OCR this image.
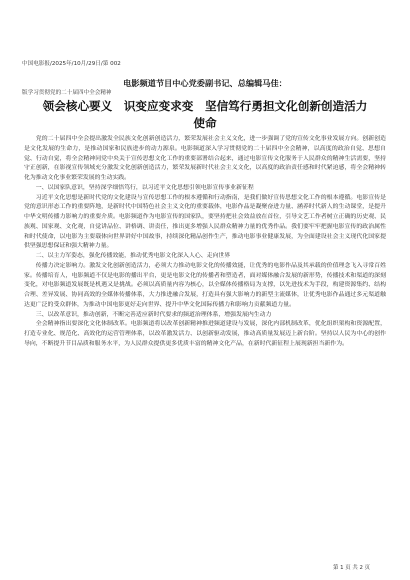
中国电影报/2025年/10月/29日/第 002

版学习贯彻党的二十届四中全会精神

电影频道节目中心党委副书记、总编辑马佳：
领会核心要义　识变应变求变　坚信笃行勇担文化创新创造活力使命

党的二十届四中全会提出激发全民族文化创新创造活力，繁荣发展社会主义文化，进一步强调了党的宣传文化事业发展方向。创新创造是文化发展的生命力，是推动国家和民族进步的动力源泉。电影频道深入学习贯彻党的二十届四中全会精神，以高度的政治自觉、思想自觉、行动自觉，将全会精神同党中央关于宣传思想文化工作的重要部署结合起来，通过电影宣传文化服务于人民群众的精神生活需要，坚持守正创新，在影视宣传领域充分激发文化创新创造活力，繁荣发展新时代社会主义文化，以高度的政治责任感和时代紧迫感，将全会精神转化为推动文化事业繁荣发展的生动实践。

一、以国家队意识，坚持深学细悟笃行，以习近平文化思想引领电影宣传事业新征程

习近平文化思想是新时代党的文化建设与宣传思想工作的根本遵循和行动指南，是我们做好宣传思想文化工作的根本遵循。电影宣传是党的意识形态工作的重要阵地，是新时代中国特色社会主义文化的重要载体，电影作品是凝聚奋进力量、涵养时代新人的生动课堂，是提升中华文明传播力影响力的重要介质。电影频道作为电影宣传的国家队，要坚持把社会效益放在首位，引导文艺工作者树立正确的历史观、民族观、国家观、文化观，自觉讲品位、讲格调、讲责任，推出更多增强人民群众精神力量的优秀作品。我们要牢牢把握电影宣传的政治属性和时代使命，以电影为主要载体向世界讲好中国故事，持续深化精品创作生产，推动电影事业健康发展，为全面建设社会主义现代化国家提供坚强思想保证和强大精神力量。

二、以主力军姿态，强化传播效能，推动优秀电影文化深入人心、走向世界

传播力决定影响力。激发文化创新创造活力，必须大力推动电影文化的传播效能，让优秀的电影作品及其承载的价值理念飞入寻常百姓家。传播培育人，电影频道不仅是电影的播出平台，更是电影文化的传播者和塑造者，面对媒体融合发展的新形势，传播技术和渠道的深刻变化，对电影频道发展既是机遇又是挑战。必须以高质量内容为核心，以全媒体传播格局为支撑，以先进技术为手段，构建资源集约、结构合理、差异发展、协同高效的全媒体传播体系，大力推进融合发展，打造具有强大影响力的新型主流媒体，让优秀电影作品通过多元渠道触达更广泛的受众群体，为推动中国电影更好走向世界、提升中华文化国际传播力和影响力贡献频道力量。

三、以改革意识，推动创新，不断完善适应新时代要求的频道治理体系，增强发展内生动力

全会精神指出要深化文化体制改革。电影频道将以改革创新精神推进频道建设与发展，深化内部机制改革，优化组织架构和资源配置，打造专业化、规范化、高效化的运营管理体系，以改革激发活力、以创新驱动发展，推动高质量发展迈上新台阶。坚持以人民为中心的创作导向，不断提升节目品质和服务水平，为人民群众提供更多优质丰富的精神文化产品，在新时代新征程上展现新担当新作为。

第 1 页 共 2 页
